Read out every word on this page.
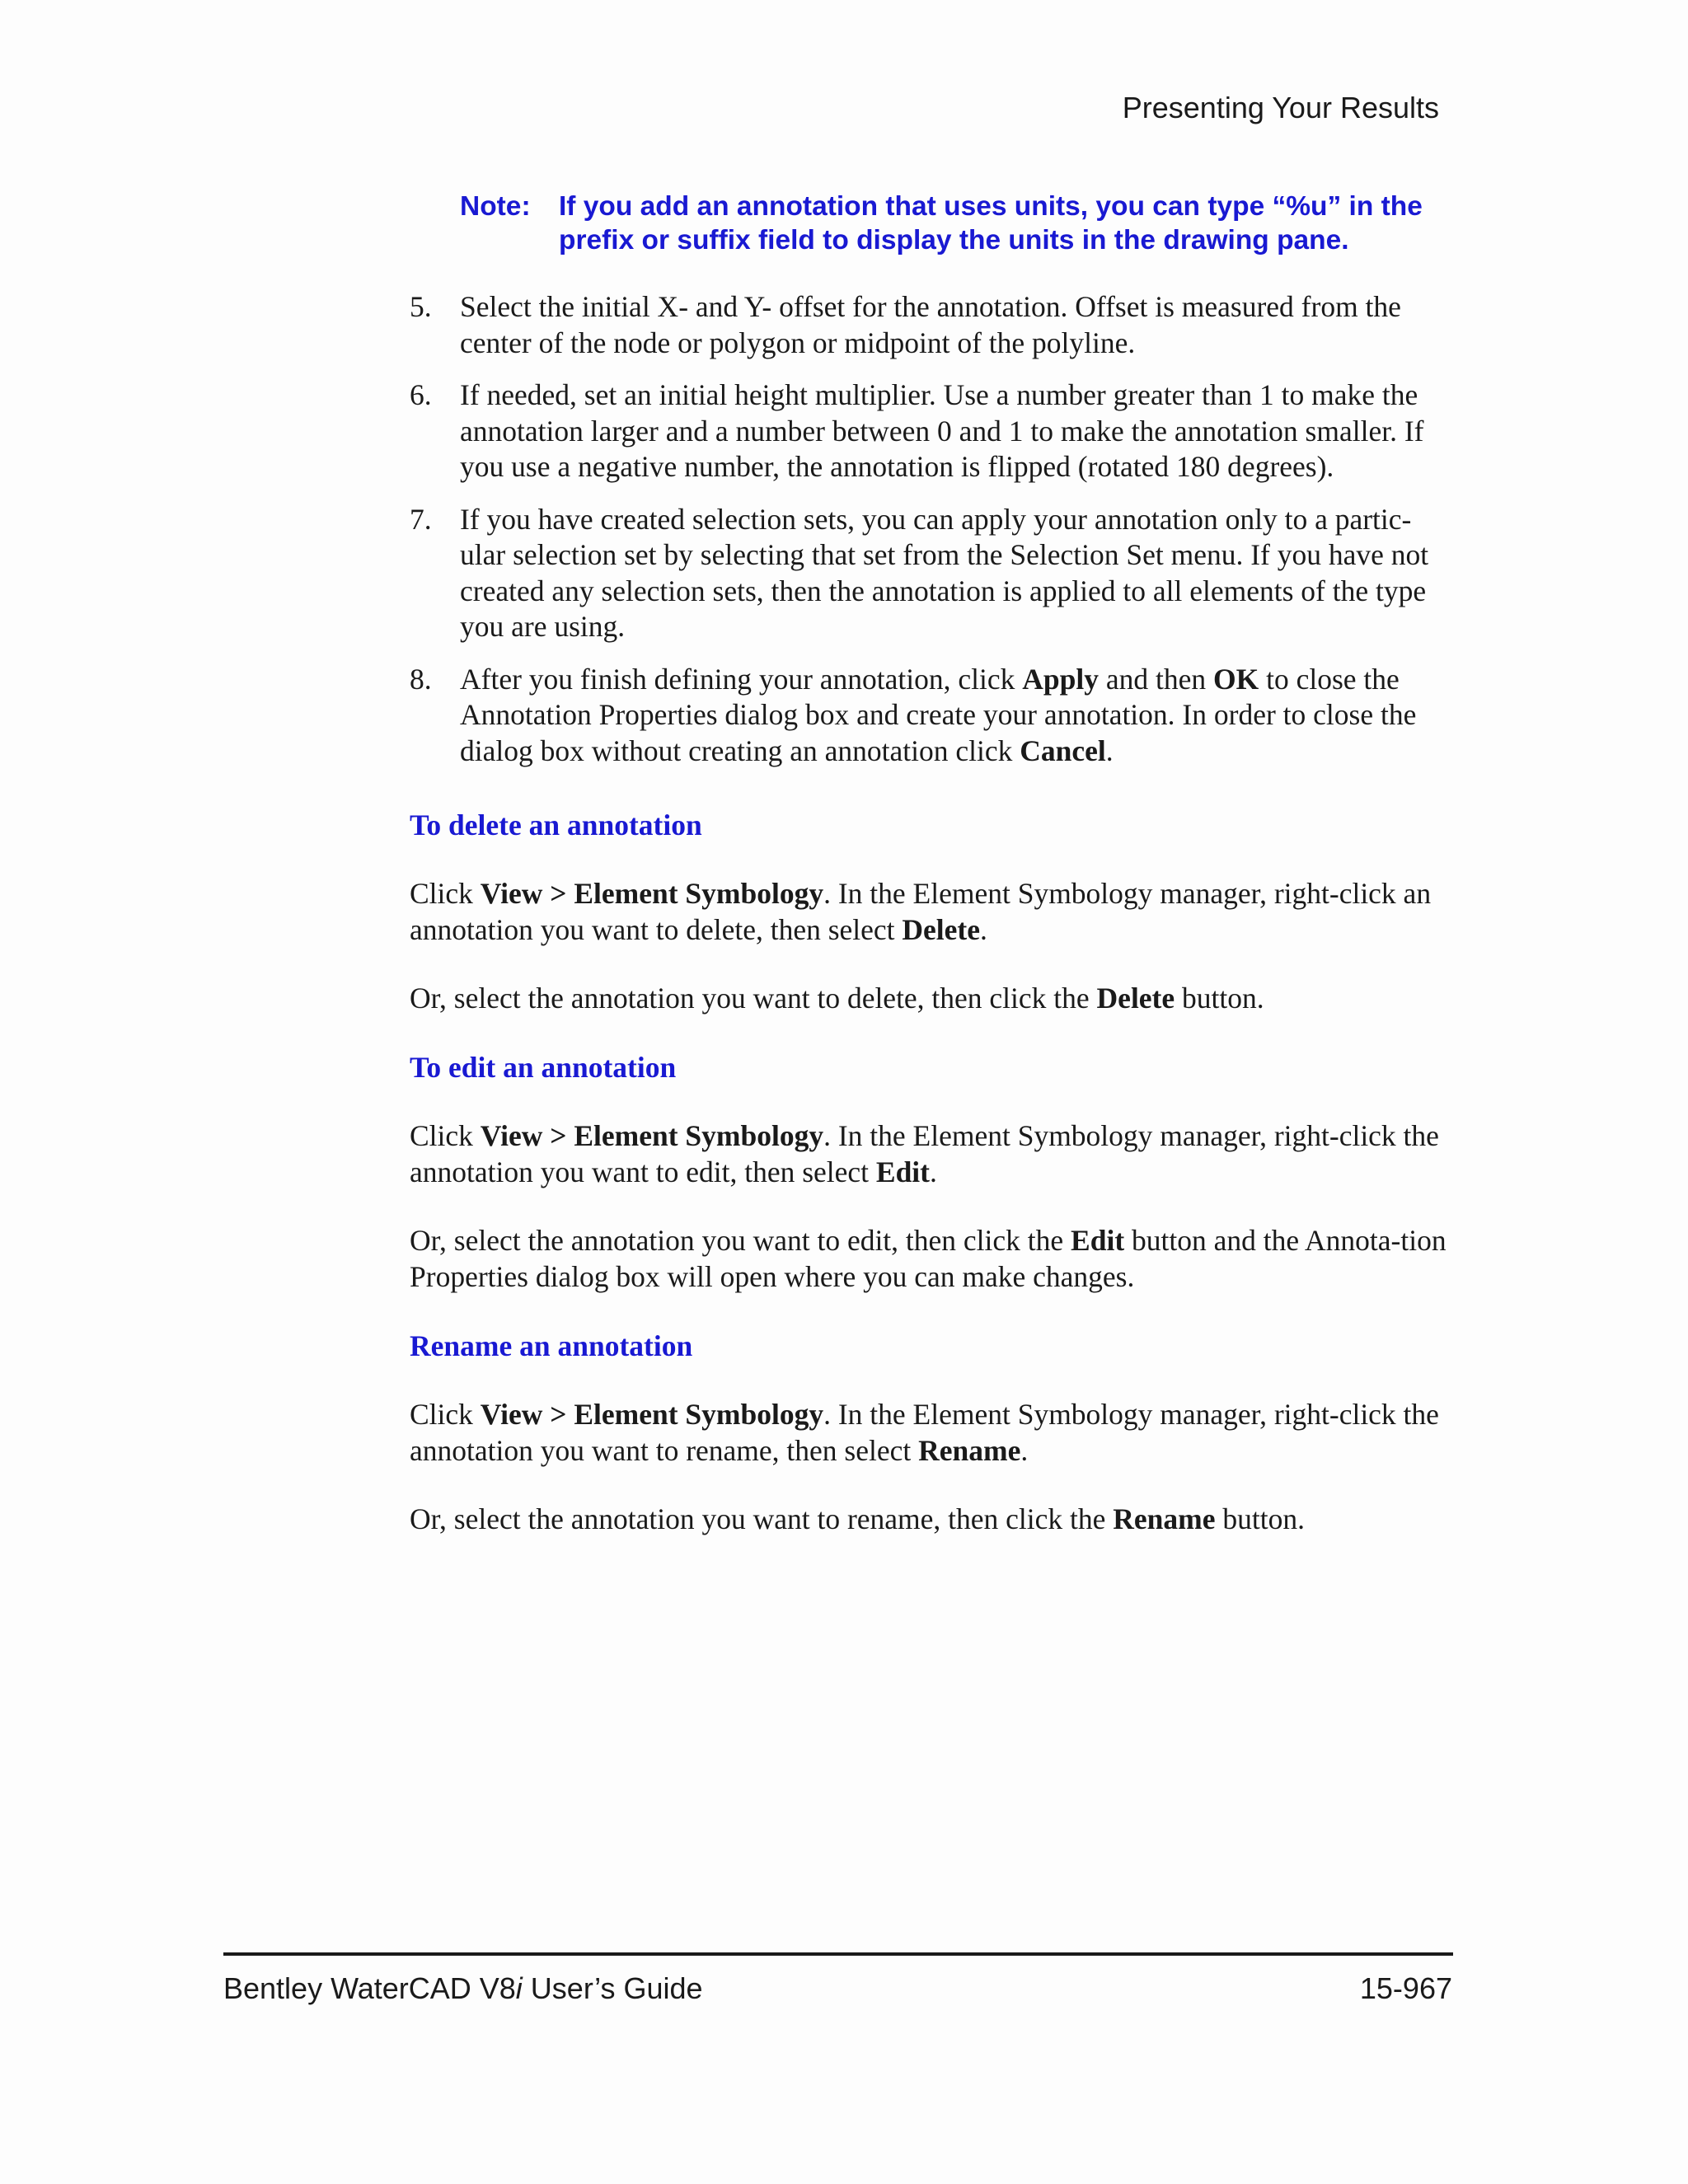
Presenting Your Results
Note: If you add an annotation that uses units, you can type “%u” in the prefix or suffix field to display the units in the drawing pane.
5. Select the initial X- and Y- offset for the annotation. Offset is measured from the center of the node or polygon or midpoint of the polyline.
6. If needed, set an initial height multiplier. Use a number greater than 1 to make the annotation larger and a number between 0 and 1 to make the annotation smaller. If you use a negative number, the annotation is flipped (rotated 180 degrees).
7. If you have created selection sets, you can apply your annotation only to a partic-ular selection set by selecting that set from the Selection Set menu. If you have not created any selection sets, then the annotation is applied to all elements of the type you are using.
8. After you finish defining your annotation, click Apply and then OK to close the Annotation Properties dialog box and create your annotation. In order to close the dialog box without creating an annotation click Cancel.
To delete an annotation

Click View > Element Symbology. In the Element Symbology manager, right-click an annotation you want to delete, then select Delete.

Or, select the annotation you want to delete, then click the Delete button.

To edit an annotation

Click View > Element Symbology. In the Element Symbology manager, right-click the annotation you want to edit, then select Edit.

Or, select the annotation you want to edit, then click the Edit button and the Annota-tion Properties dialog box will open where you can make changes.

Rename an annotation

Click View > Element Symbology. In the Element Symbology manager, right-click the annotation you want to rename, then select Rename.

Or, select the annotation you want to rename, then click the Rename button.

Bentley WaterCAD V8i User’s Guide	15-967
